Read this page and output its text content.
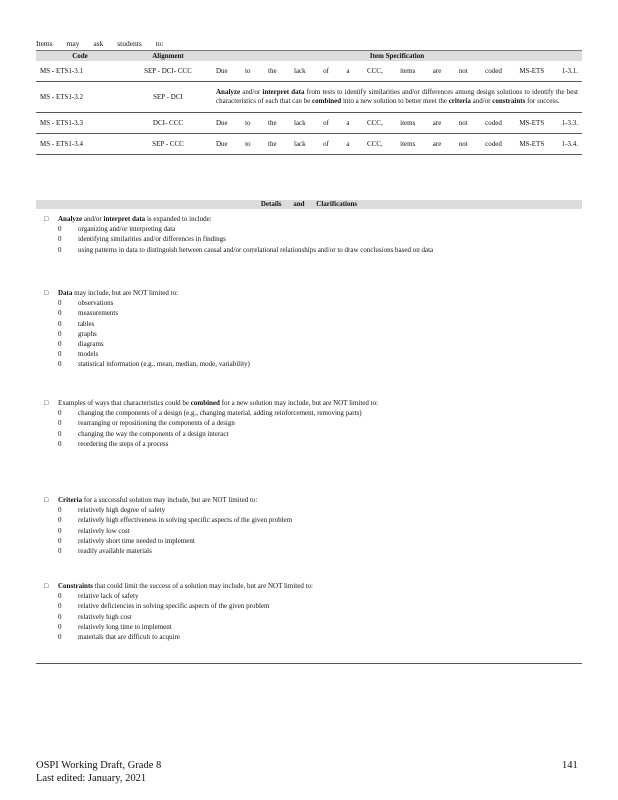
Items may ask students to:
Code	Alignment	Item Specification
MS - ETS1-3.1	SEP - DCI- CCC	Due to the lack of a CCC, items are not coded MS-ETS 1-3.1.
MS - ETS1-3.2	SEP - DCI	Analyze and/or interpret data from tests to identify similarities and/or differences among design solutions to identify the best characteristics of each that can be combined into a new solution to better meet the criteria and/or constraints for success.
MS - ETS1-3.3	DCI- CCC	Due to the lack of a CCC, items are not coded MS-ETS 1-3.3.
MS - ETS1-3.4	SEP - CCC	Due to the lack of a CCC, items are not coded MS-ETS 1-3.4.
Details and Clarifications
□	Analyze and/or interpret data is expanded to include:
0	organizing and/or interpreting data
0	identifying similarities and/or differences in findings
0	using patterns in data to distinguish between causal and/or correlational relationships and/or to draw conclusions based on data
□	Data may include, but are NOT limited to:
0	observations
0	measurements
0	tables
0	graphs
0	diagrams
0	models
0	statistical information (e.g., mean, median, mode, variability)
□	Examples of ways that characteristics could be combined for a new solution may include, but are NOT limited to:
0	changing the components of a design (e.g., changing material, adding reinforcement, removing parts)
0	rearranging or repositioning the components of a design
0	changing the way the components of a design interact
0	reordering the steps of a process
□	Criteria for a successful solution may include, but are NOT limited to:
0	relatively high degree of safety
0	relatively high effectiveness in solving specific aspects of the given problem
0	relatively low cost
0	relatively short time needed to implement
0	readily available materials
□	Constraints that could limit the success of a solution may include, but are NOT limited to:
0	relative lack of safety
0	relative deficiencies in solving specific aspects of the given problem
0	relatively high cost
0	relatively long time to implement
0	materials that are difficult to acquire
OSPI Working Draft, Grade 8
Last edited: January, 2021
141
